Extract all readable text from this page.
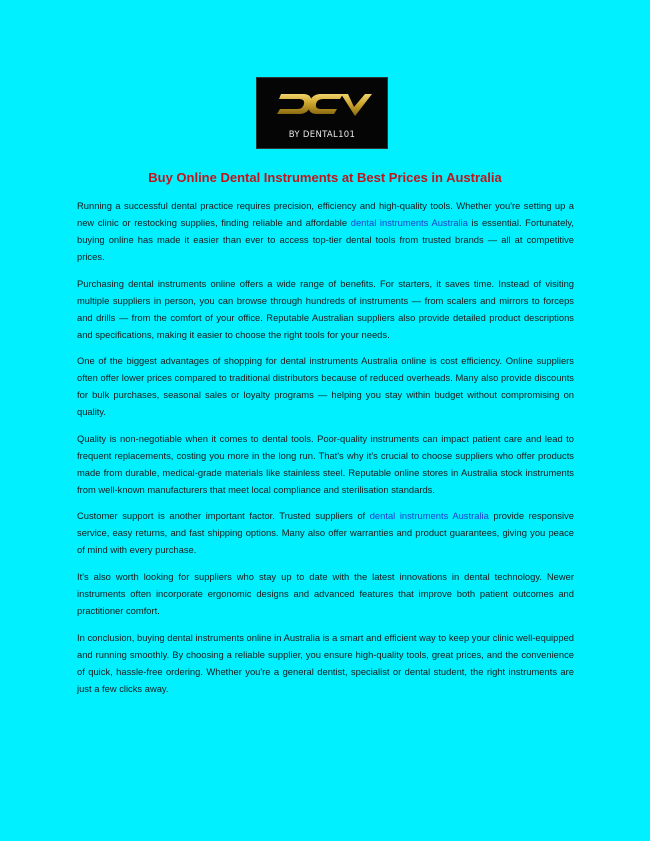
BY DENTAL101
Buy Online Dental Instruments at Best Prices in Australia

Running a successful dental practice requires precision, efficiency and high-quality tools. Whether you're setting up a new clinic or restocking supplies, finding reliable and affordable dental instruments Australia is essential. Fortunately, buying online has made it easier than ever to access top-tier dental tools from trusted brands — all at competitive prices.

Purchasing dental instruments online offers a wide range of benefits. For starters, it saves time. Instead of visiting multiple suppliers in person, you can browse through hundreds of instruments — from scalers and mirrors to forceps and drills — from the comfort of your office. Reputable Australian suppliers also provide detailed product descriptions and specifications, making it easier to choose the right tools for your needs.

One of the biggest advantages of shopping for dental instruments Australia online is cost efficiency. Online suppliers often offer lower prices compared to traditional distributors because of reduced overheads. Many also provide discounts for bulk purchases, seasonal sales or loyalty programs — helping you stay within budget without compromising on quality.

Quality is non-negotiable when it comes to dental tools. Poor-quality instruments can impact patient care and lead to frequent replacements, costing you more in the long run. That's why it's crucial to choose suppliers who offer products made from durable, medical-grade materials like stainless steel. Reputable online stores in Australia stock instruments from well-known manufacturers that meet local compliance and sterilisation standards.

Customer support is another important factor. Trusted suppliers of dental instruments Australia provide responsive service, easy returns, and fast shipping options. Many also offer warranties and product guarantees, giving you peace of mind with every purchase.

It's also worth looking for suppliers who stay up to date with the latest innovations in dental technology. Newer instruments often incorporate ergonomic designs and advanced features that improve both patient outcomes and practitioner comfort.

In conclusion, buying dental instruments online in Australia is a smart and efficient way to keep your clinic well-equipped and running smoothly. By choosing a reliable supplier, you ensure high-quality tools, great prices, and the convenience of quick, hassle-free ordering. Whether you're a general dentist, specialist or dental student, the right instruments are just a few clicks away.
